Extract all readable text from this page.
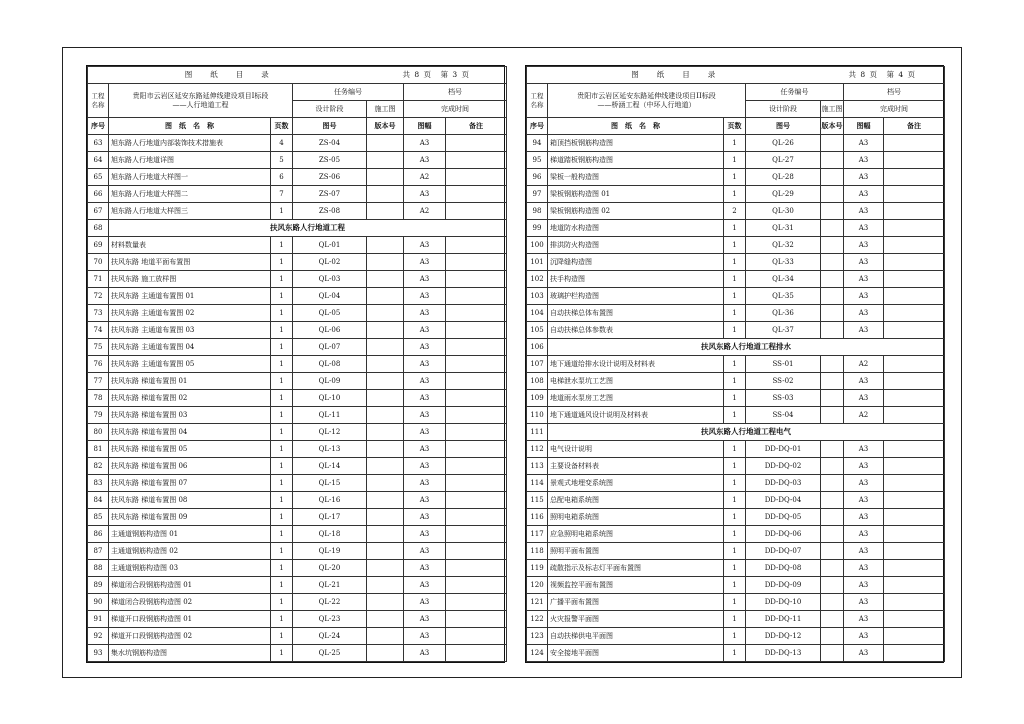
图　　纸　　目　　录				共 8 页　第 3 页		
工程
名称	贵阳市云岩区延安东路延伸线建设项目I标段
——人行地道工程		任务编号		档号	
			设计阶段	施工图	完成时间	
序号	图　纸　名　称	页数	图号	版本号	图幅	备注
63	旭东路人行地道内部装饰技术措施表	4	ZS-04		A3	
64	旭东路人行地道详图	5	ZS-05		A3	
65	旭东路人行地道大样图一	6	ZS-06		A2	
66	旭东路人行地道大样图二	7	ZS-07		A3	
67	旭东路人行地道大样图三	1	ZS-08		A2	
68	扶风东路人行地道工程					
69	材料数量表	1	QL-01		A3	
70	扶风东路 地道平面布置图	1	QL-02		A3	
71	扶风东路 施工放样图	1	QL-03		A3	
72	扶风东路 主通道布置图 01	1	QL-04		A3	
73	扶风东路 主通道布置图 02	1	QL-05		A3	
74	扶风东路 主通道布置图 03	1	QL-06		A3	
75	扶风东路 主通道布置图 04	1	QL-07		A3	
76	扶风东路 主通道布置图 05	1	QL-08		A3	
77	扶风东路 梯道布置图 01	1	QL-09		A3	
78	扶风东路 梯道布置图 02	1	QL-10		A3	
79	扶风东路 梯道布置图 03	1	QL-11		A3	
80	扶风东路 梯道布置图 04	1	QL-12		A3	
81	扶风东路 梯道布置图 05	1	QL-13		A3	
82	扶风东路 梯道布置图 06	1	QL-14		A3	
83	扶风东路 梯道布置图 07	1	QL-15		A3	
84	扶风东路 梯道布置图 08	1	QL-16		A3	
85	扶风东路 梯道布置图 09	1	QL-17		A3	
86	主通道钢筋构造图 01	1	QL-18		A3	
87	主通道钢筋构造图 02	1	QL-19		A3	
88	主通道钢筋构造图 03	1	QL-20		A3	
89	梯道闭合段钢筋构造图 01	1	QL-21		A3	
90	梯道闭合段钢筋构造图 02	1	QL-22		A3	
91	梯道开口段钢筋构造图 01	1	QL-23		A3	
92	梯道开口段钢筋构造图 02	1	QL-24		A3	
93	集水坑钢筋构造图	1	QL-25		A3	
图　　纸　　目　　录				共 8 页　第 4 页		
工程
名称	贵阳市云岩区延安东路延伸线建设项目II标段
——桥涵工程（中环人行地道）		任务编号		档号	
			设计阶段	施工图	完成时间	
序号	图　纸　名　称	页数	图号	版本号	图幅	备注
94	箱顶挡板钢筋构造图	1	QL-26		A3	
95	梯道踏板钢筋构造图	1	QL-27		A3	
96	梁板一般构造图	1	QL-28		A3	
97	梁板钢筋构造图 01	1	QL-29		A3	
98	梁板钢筋构造图 02	2	QL-30		A3	
99	地道防水构造图	1	QL-31		A3	
100	排洪防火构造图	1	QL-32		A3	
101	沉降缝构造图	1	QL-33		A3	
102	扶手构造图	1	QL-34		A3	
103	玻璃护栏构造图	1	QL-35		A3	
104	自动扶梯总体布置图	1	QL-36		A3	
105	自动扶梯总体参数表	1	QL-37		A3	
106	扶风东路人行地道工程排水					
107	地下通道给排水设计说明及材料表	1	SS-01		A2	
108	电梯泄水泵坑工艺图	1	SS-02		A3	
109	地道雨水泵房工艺图	1	SS-03		A3	
110	地下通道通风设计说明及材料表	1	SS-04		A2	
111	扶风东路人行地道工程电气					
112	电气设计说明	1	DD-DQ-01		A3	
113	主要设备材料表	1	DD-DQ-02		A3	
114	景观式地埋变系统图	1	DD-DQ-03		A3	
115	总配电箱系统图	1	DD-DQ-04		A3	
116	照明电箱系统图	1	DD-DQ-05		A3	
117	应急照明电箱系统图	1	DD-DQ-06		A3	
118	照明平面布置图	1	DD-DQ-07		A3	
119	疏散指示及标志灯平面布置图	1	DD-DQ-08		A3	
120	视频监控平面布置图	1	DD-DQ-09		A3	
121	广播平面布置图	1	DD-DQ-10		A3	
122	火灾报警平面图	1	DD-DQ-11		A3	
123	自动扶梯供电平面图	1	DD-DQ-12		A3	
124	安全接地平面图	1	DD-DQ-13		A3	
